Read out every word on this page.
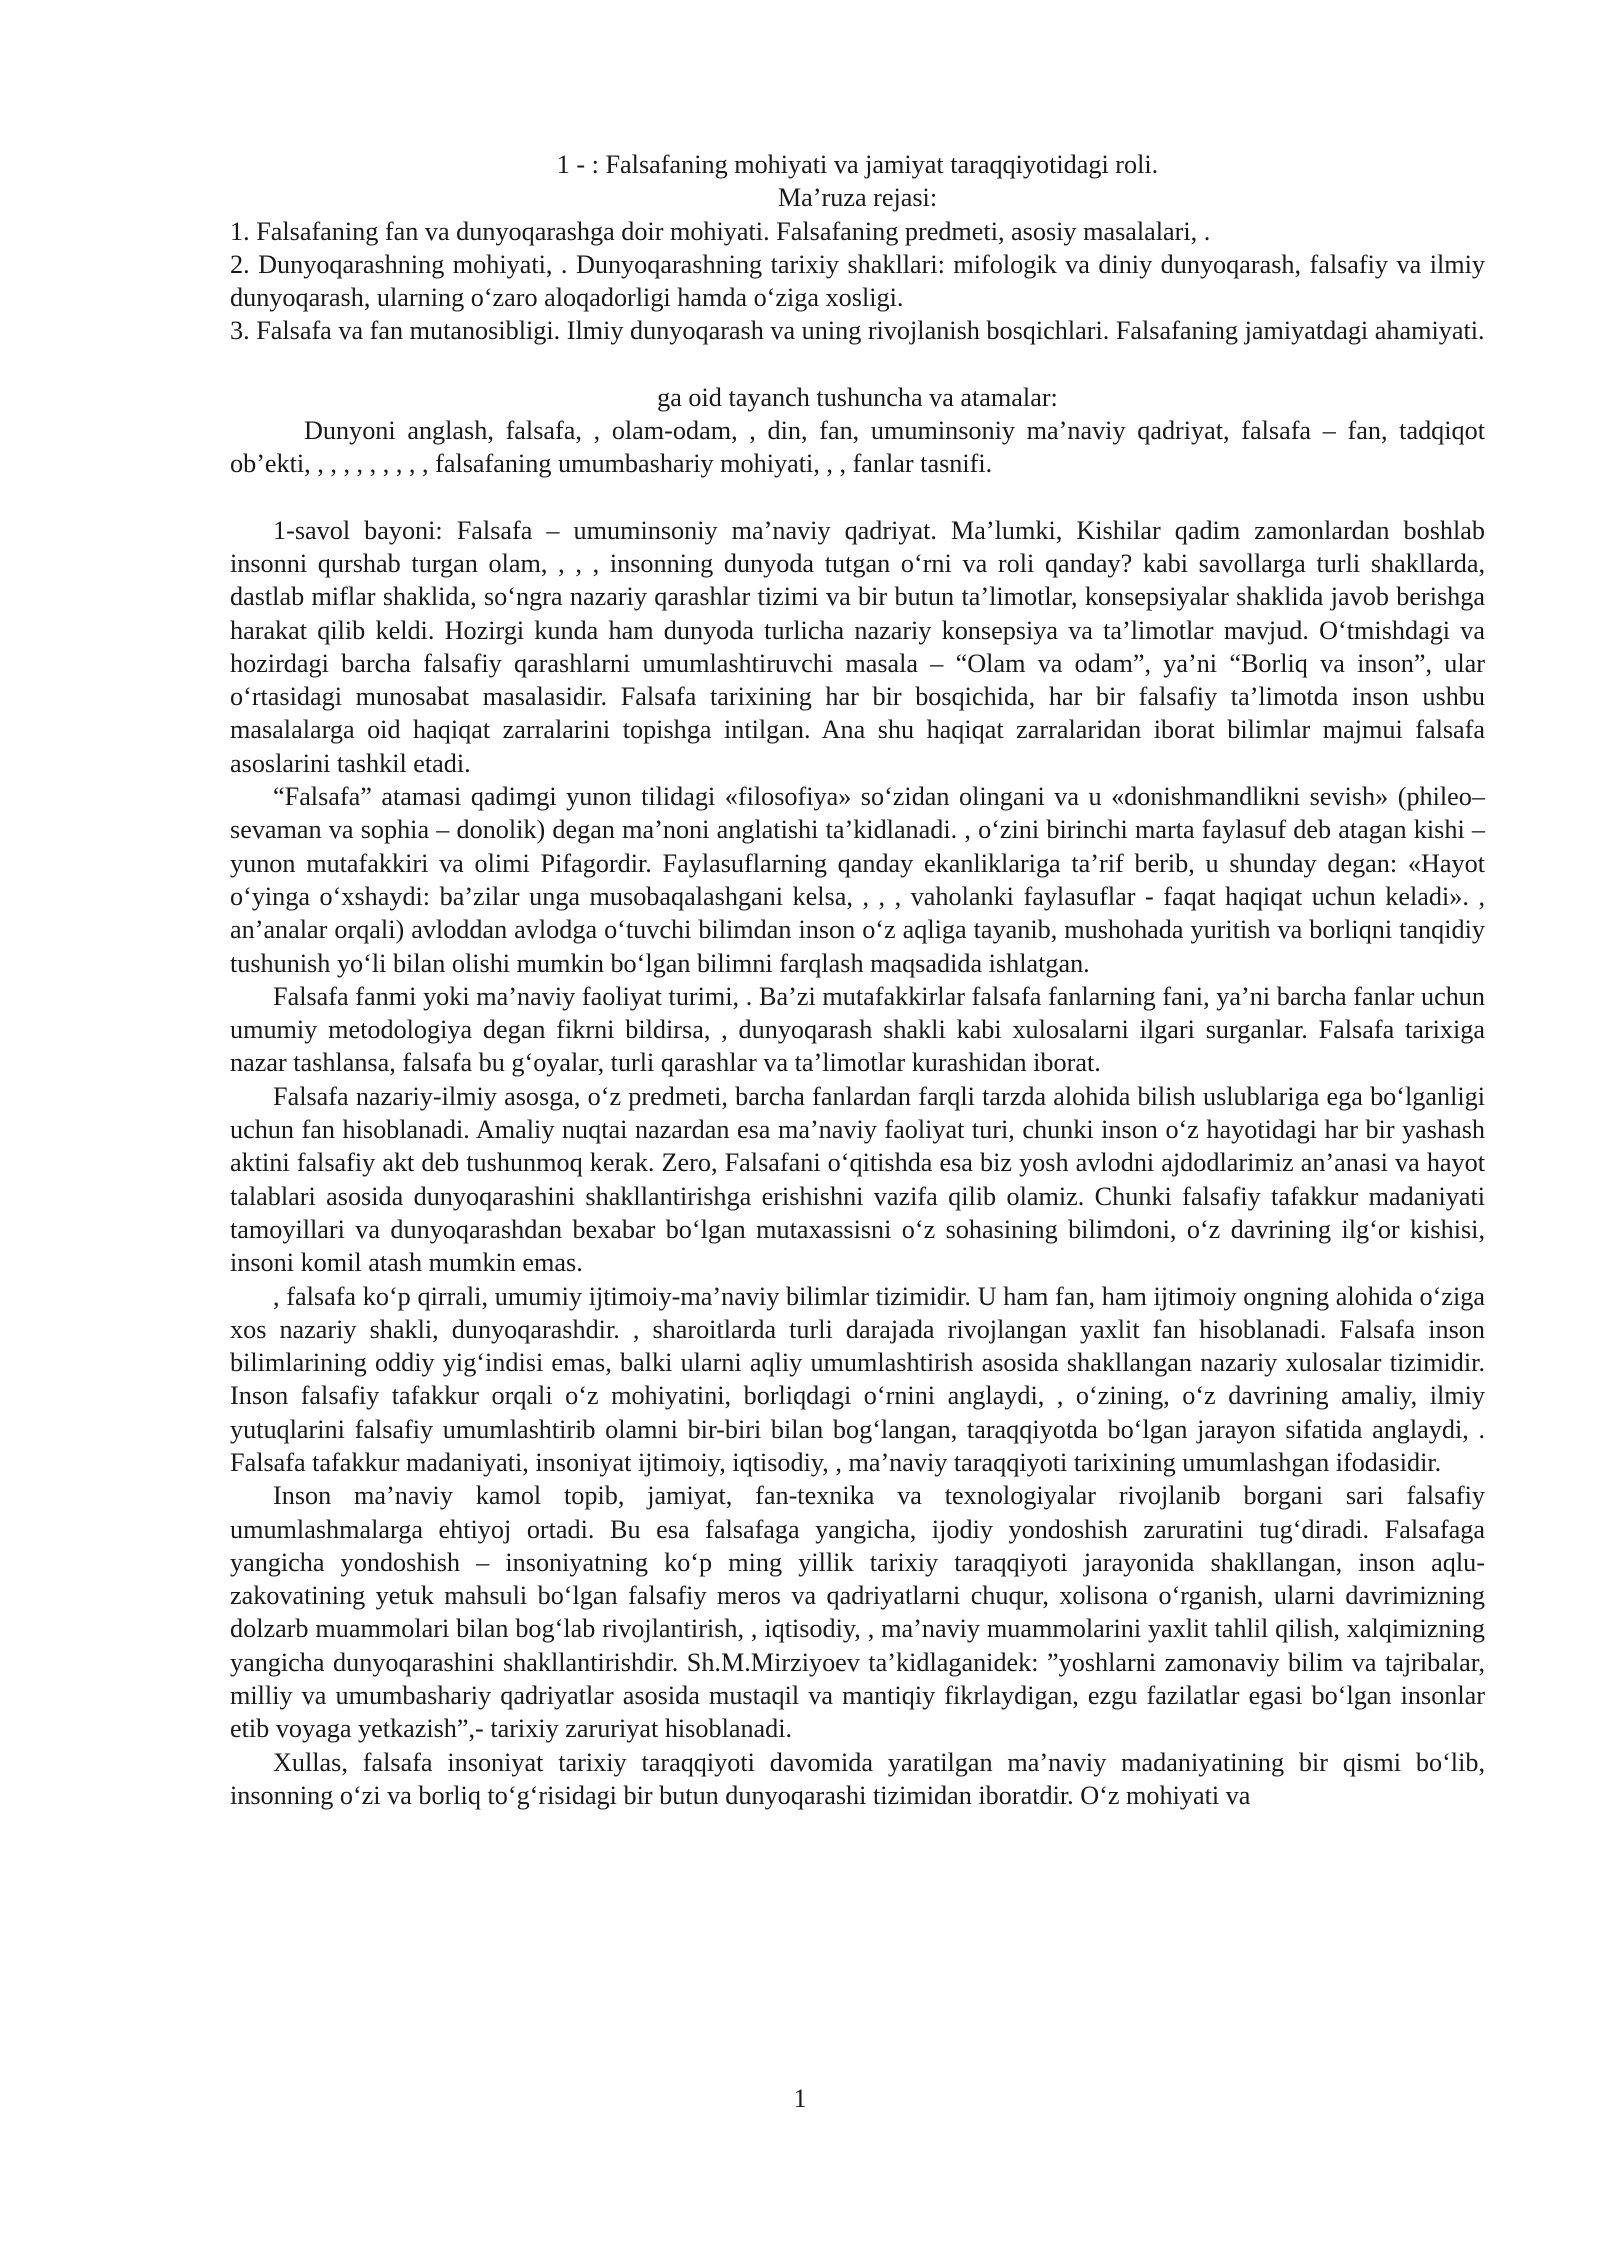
1 - : Falsafaning mohiyati va jamiyat taraqqiyotidagi roli.

Ma’ruza rejasi:

1. Falsafaning fan va dunyoqarashga doir mohiyati. Falsafaning predmeti, asosiy masalalari, .

2. Dunyoqarashning mohiyati, . Dunyoqarashning tarixiy shakllari: mifologik va diniy dunyoqarash, falsafiy va ilmiy dunyoqarash, ularning o‘zaro aloqadorligi hamda o‘ziga xosligi.

3. Falsafa va fan mutanosibligi. Ilmiy dunyoqarash va uning rivojlanish bosqichlari. Falsafaning jamiyatdagi ahamiyati.

ga oid tayanch tushuncha va atamalar:

Dunyoni anglash, falsafa, , olam-odam, , din, fan, umuminsoniy ma’naviy qadriyat, falsafa – fan, tadqiqot ob’ekti, , , , , , , , , , falsafaning umumbashariy mohiyati, , , fanlar tasnifi.

1-savol bayoni: Falsafa – umuminsoniy ma’naviy qadriyat. Ma’lumki, Kishilar qadim zamonlardan boshlab insonni qurshab turgan olam, , , , insonning dunyoda tutgan o‘rni va roli qanday? kabi savollarga turli shakllarda, dastlab miflar shaklida, so‘ngra nazariy qarashlar tizimi va bir butun ta’limotlar, konsepsiyalar shaklida javob berishga harakat qilib keldi. Hozirgi kunda ham dunyoda turlicha nazariy konsepsiya va ta’limotlar mavjud. O‘tmishdagi va hozirdagi barcha falsafiy qarashlarni umumlashtiruvchi masala – “Olam va odam”, ya’ni “Borliq va inson”, ular o‘rtasidagi munosabat masalasidir. Falsafa tarixining har bir bosqichida, har bir falsafiy ta’limotda inson ushbu masalalarga oid haqiqat zarralarini topishga intilgan. Ana shu haqiqat zarralaridan iborat bilimlar majmui falsafa asoslarini tashkil etadi.

“Falsafa” atamasi qadimgi yunon tilidagi «filosofiya» so‘zidan olingani va u «donishmandlikni sevish» (phileo– sevaman va sophia – donolik) degan ma’noni anglatishi ta’kidlanadi. , o‘zini birinchi marta faylasuf deb atagan kishi – yunon mutafakkiri va olimi Pifagordir. Faylasuflarning qanday ekanliklariga ta’rif berib, u shunday degan: «Hayot o‘yinga o‘xshaydi: ba’zilar unga musobaqalashgani kelsa, , , , vaholanki faylasuflar - faqat haqiqat uchun keladi». , an’analar orqali) avloddan avlodga o‘tuvchi bilimdan inson o‘z aqliga tayanib, mushohada yuritish va borliqni tanqidiy tushunish yo‘li bilan olishi mumkin bo‘lgan bilimni farqlash maqsadida ishlatgan.

Falsafa fanmi yoki ma’naviy faoliyat turimi, . Ba’zi mutafakkirlar falsafa fanlarning fani, ya’ni barcha fanlar uchun umumiy metodologiya degan fikrni bildirsa, , dunyoqarash shakli kabi xulosalarni ilgari surganlar. Falsafa tarixiga nazar tashlansa, falsafa bu g‘oyalar, turli qarashlar va ta’limotlar kurashidan iborat.

Falsafa nazariy-ilmiy asosga, o‘z predmeti, barcha fanlardan farqli tarzda alohida bilish uslublariga ega bo‘lganligi uchun fan hisoblanadi. Amaliy nuqtai nazardan esa ma’naviy faoliyat turi, chunki inson o‘z hayotidagi har bir yashash aktini falsafiy akt deb tushunmoq kerak. Zero, Falsafani o‘qitishda esa biz yosh avlodni ajdodlarimiz an’anasi va hayot talablari asosida dunyoqarashini shakllantirishga erishishni vazifa qilib olamiz. Chunki falsafiy tafakkur madaniyati tamoyillari va dunyoqarashdan bexabar bo‘lgan mutaxassisni o‘z sohasining bilimdoni, o‘z davrining ilg‘or kishisi, insoni komil atash mumkin emas.

, falsafa ko‘p qirrali, umumiy ijtimoiy-ma’naviy bilimlar tizimidir. U ham fan, ham ijtimoiy ongning alohida o‘ziga xos nazariy shakli, dunyoqarashdir. , sharoitlarda turli darajada rivojlangan yaxlit fan hisoblanadi. Falsafa inson bilimlarining oddiy yig‘indisi emas, balki ularni aqliy umumlashtirish asosida shakllangan nazariy xulosalar tizimidir. Inson falsafiy tafakkur orqali o‘z mohiyatini, borliqdagi o‘rnini anglaydi, , o‘zining, o‘z davrining amaliy, ilmiy yutuqlarini falsafiy umumlashtirib olamni bir-biri bilan bog‘langan, taraqqiyotda bo‘lgan jarayon sifatida anglaydi, . Falsafa tafakkur madaniyati, insoniyat ijtimoiy, iqtisodiy, , ma’naviy taraqqiyoti tarixining umumlashgan ifodasidir.

Inson ma’naviy kamol topib, jamiyat, fan-texnika va texnologiyalar rivojlanib borgani sari falsafiy umumlashmalarga ehtiyoj ortadi. Bu esa falsafaga yangicha, ijodiy yondoshish zaruratini tug‘diradi. Falsafaga yangicha yondoshish – insoniyatning ko‘p ming yillik tarixiy taraqqiyoti jarayonida shakllangan, inson aqlu-zakovatining yetuk mahsuli bo‘lgan falsafiy meros va qadriyatlarni chuqur, xolisona o‘rganish, ularni davrimizning dolzarb muammolari bilan bog‘lab rivojlantirish, , iqtisodiy, , ma’naviy muammolarini yaxlit tahlil qilish, xalqimizning yangicha dunyoqarashini shakllantirishdir. Sh.M.Mirziyoev ta’kidlaganidek: ”yoshlarni zamonaviy bilim va tajribalar, milliy va umumbashariy qadriyatlar asosida mustaqil va mantiqiy fikrlaydigan, ezgu fazilatlar egasi bo‘lgan insonlar etib voyaga yetkazish”,- tarixiy zaruriyat hisoblanadi.

Xullas, falsafa insoniyat tarixiy taraqqiyoti davomida yaratilgan ma’naviy madaniyatining bir qismi bo‘lib, insonning o‘zi va borliq to‘g‘risidagi bir butun dunyoqarashi tizimidan iboratdir. O‘z mohiyati va

1
